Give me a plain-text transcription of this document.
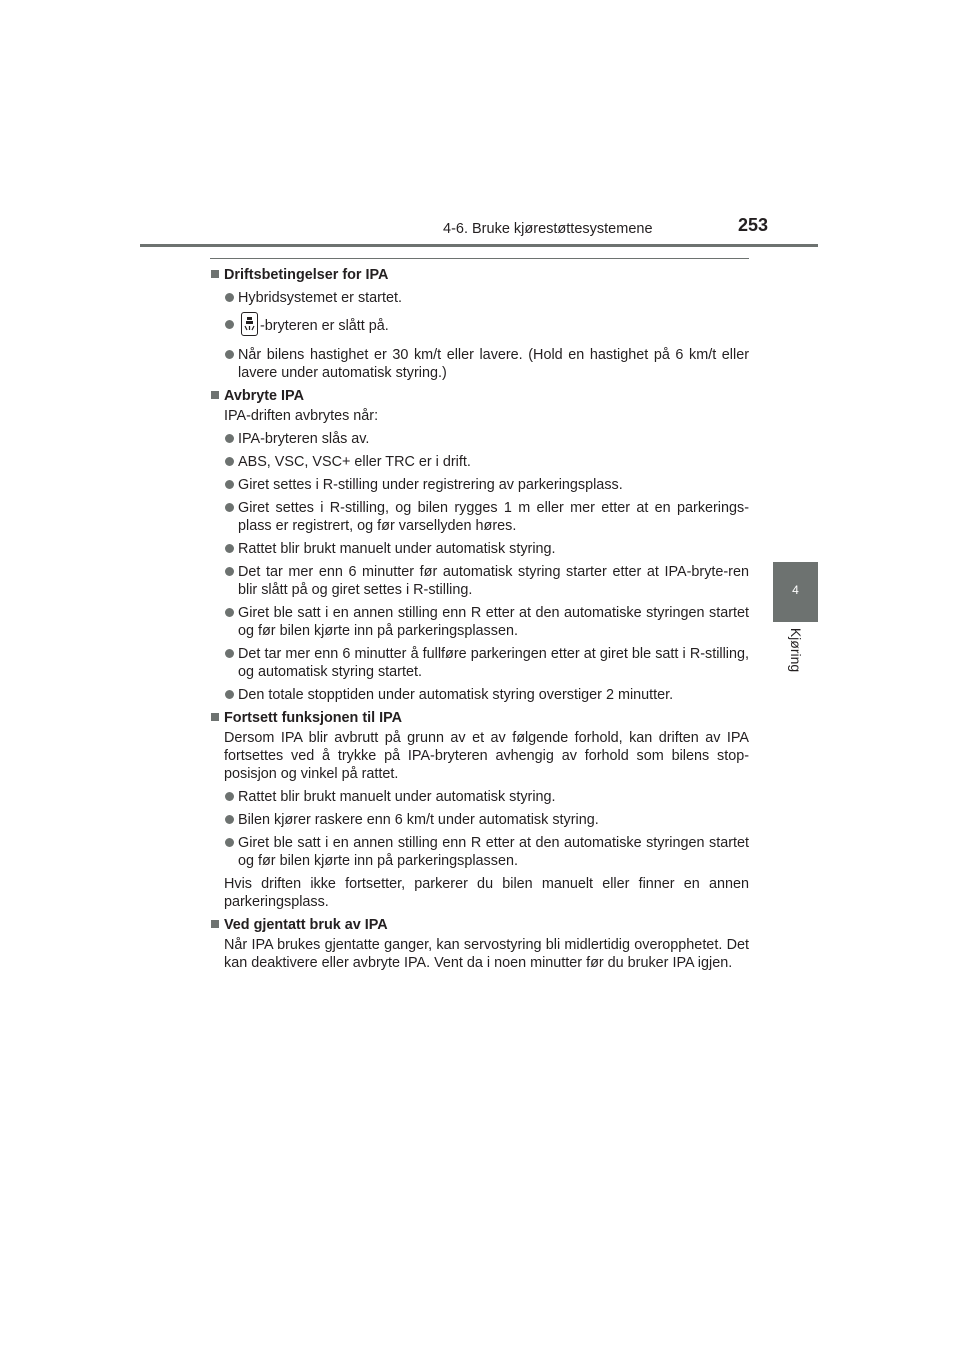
4-6. Bruke kjørestøttesystemene	253
4
Kjøring
Driftsbetingelser for IPA
Hybridsystemet er startet.
-bryteren er slått på.
Når bilens hastighet er 30 km/t eller lavere. (Hold en hastighet på 6 km/t eller lavere under automatisk styring.)
Avbryte IPA
IPA-driften avbrytes når:
IPA-bryteren slås av.
ABS, VSC, VSC+ eller TRC er i drift.
Giret settes i R-stilling under registrering av parkeringsplass.
Giret settes i R-stilling, og bilen rygges 1 m eller mer etter at en parkerings-plass er registrert, og før varsellyden høres.
Rattet blir brukt manuelt under automatisk styring.
Det tar mer enn 6 minutter før automatisk styring starter etter at IPA-bryte-ren blir slått på og giret settes i R-stilling.
Giret ble satt i en annen stilling enn R etter at den automatiske styringen startet og før bilen kjørte inn på parkeringsplassen.
Det tar mer enn 6 minutter å fullføre parkeringen etter at giret ble satt i R-stilling, og automatisk styring startet.
Den totale stopptiden under automatisk styring overstiger 2 minutter.
Fortsett funksjonen til IPA
Dersom IPA blir avbrutt på grunn av et av følgende forhold, kan driften av IPA fortsettes ved å trykke på IPA-bryteren avhengig av forhold som bilens stop-posisjon og vinkel på rattet.
Rattet blir brukt manuelt under automatisk styring.
Bilen kjører raskere enn 6 km/t under automatisk styring.
Giret ble satt i en annen stilling enn R etter at den automatiske styringen startet og før bilen kjørte inn på parkeringsplassen.
Hvis driften ikke fortsetter, parkerer du bilen manuelt eller finner en annen parkeringsplass.
Ved gjentatt bruk av IPA
Når IPA brukes gjentatte ganger, kan servostyring bli midlertidig overopphetet. Det kan deaktivere eller avbryte IPA. Vent da i noen minutter før du bruker IPA igjen.
